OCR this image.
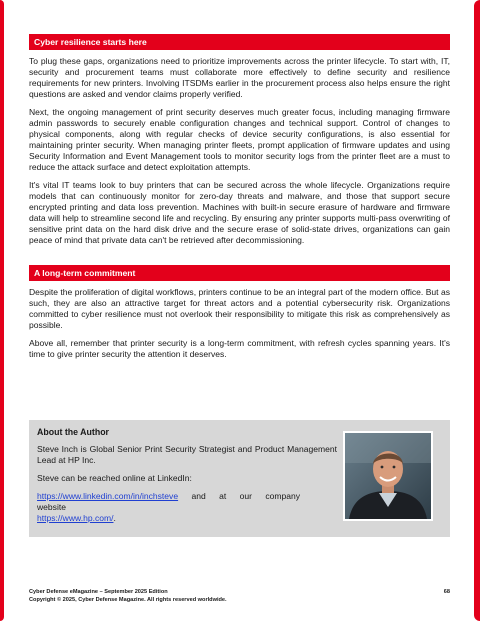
Cyber resilience starts here

To plug these gaps, organizations need to prioritize improvements across the printer lifecycle. To start with, IT, security and procurement teams must collaborate more effectively to define security and resilience requirements for new printers. Involving ITSDMs earlier in the procurement process also helps ensure the right questions are asked and vendor claims properly verified.

Next, the ongoing management of print security deserves much greater focus, including managing firmware admin passwords to securely enable configuration changes and technical support. Control of changes to physical components, along with regular checks of device security configurations, is also essential for maintaining printer security. When managing printer fleets, prompt application of firmware updates and using Security Information and Event Management tools to monitor security logs from the printer fleet are a must to reduce the attack surface and detect exploitation attempts.

It's vital IT teams look to buy printers that can be secured across the whole lifecycle. Organizations require models that can continuously monitor for zero-day threats and malware, and those that support secure encrypted printing and data loss prevention. Machines with built-in secure erasure of hardware and firmware data will help to streamline second life and recycling. By ensuring any printer supports multi-pass overwriting of sensitive print data on the hard disk drive and the secure erase of solid-state drives, organizations can gain peace of mind that private data can't be retrieved after decommissioning.

A long-term commitment

Despite the proliferation of digital workflows, printers continue to be an integral part of the modern office. But as such, they are also an attractive target for threat actors and a potential cybersecurity risk. Organizations committed to cyber resilience must not overlook their responsibility to mitigate this risk as comprehensively as possible.

Above all, remember that printer security is a long-term commitment, with refresh cycles spanning years. It's time to give printer security the attention it deserves.

About the Author

Steve Inch is Global Senior Print Security Strategist and Product Management Lead at HP Inc.

Steve can be reached online at LinkedIn:

https://www.linkedin.com/in/inchsteve and at our company website
https://www.hp.com/.

Cyber Defense eMagazine – September 2025 Edition	68
Copyright © 2025, Cyber Defense Magazine. All rights reserved worldwide.
